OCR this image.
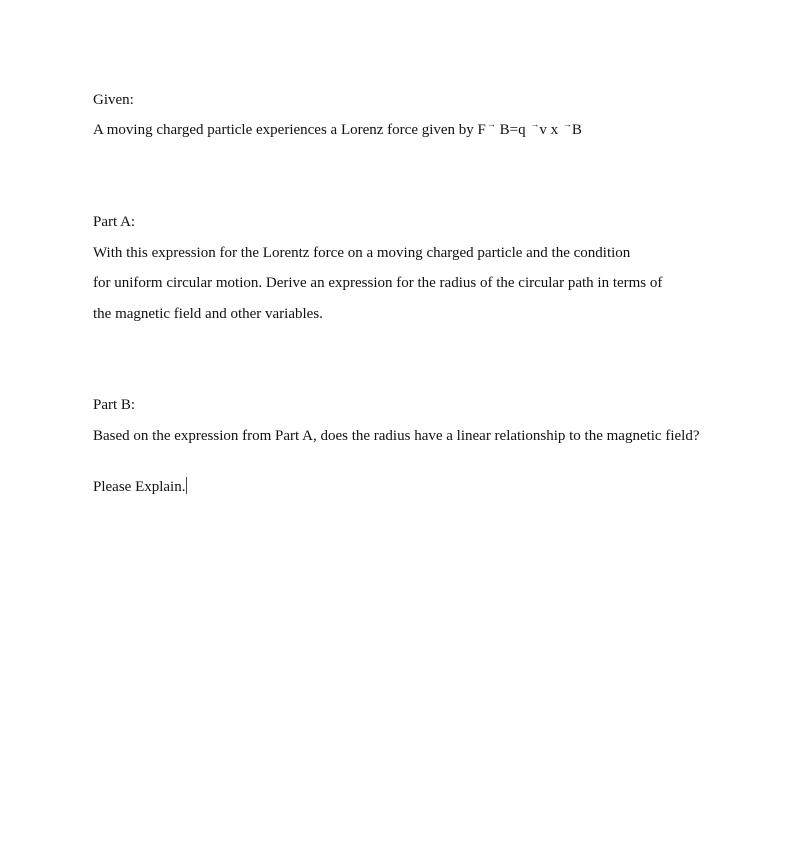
Given:
A moving charged particle experiences a Lorenz force given by F→ B=q →v x →B
Part A:
With this expression for the Lorentz force on a moving charged particle and the condition
for uniform circular motion. Derive an expression for the radius of the circular path in terms of
the magnetic field and other variables.
Part B:
Based on the expression from Part A, does the radius have a linear relationship to the magnetic field?
Please Explain.
